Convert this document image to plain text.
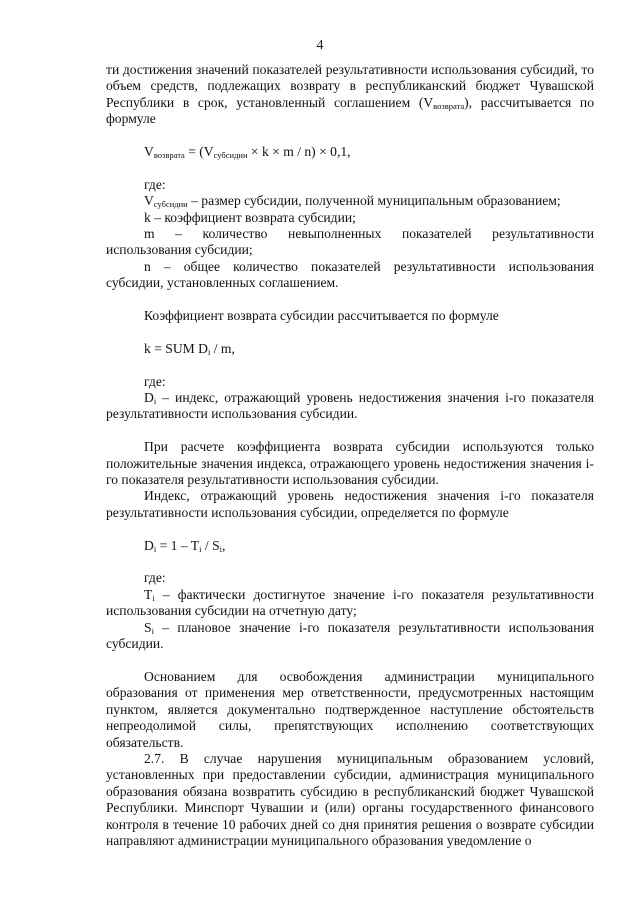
4

ти достижения значений показателей результативности использования субсидий, то объем средств, подлежащих возврату в республиканский бюджет Чувашской Республики в срок, установленный соглашением $(V_{возврата})$, рассчитывается по формуле

$V_{возврата} = (V_{субсидии} \times k \times m / n) \times 0,1$,

где:

$V_{субсидии}$ – размер субсидии, полученной муниципальным образованием;

k – коэффициент возврата субсидии;

m – количество невыполненных показателей результативности использования субсидии;

n – общее количество показателей результативности использования субсидии, установленных соглашением.

Коэффициент возврата субсидии рассчитывается по формуле

k = SUM $D_i$ / m,

где:

$D_i$ – индекс, отражающий уровень недостижения значения i-го показателя результативности использования субсидии.

При расчете коэффициента возврата субсидии используются только положительные значения индекса, отражающего уровень недостижения значения i-го показателя результативности использования субсидии.

Индекс, отражающий уровень недостижения значения i-го показателя результативности использования субсидии, определяется по формуле

$D_i = 1 - T_i / S_i$,

где:

$T_i$ – фактически достигнутое значение i-го показателя результативности использования субсидии на отчетную дату;

$S_i$ – плановое значение i-го показателя результативности использования субсидии.

Основанием для освобождения администрации муниципального образования от применения мер ответственности, предусмотренных настоящим пунктом, является документально подтвержденное наступление обстоятельств непреодолимой силы, препятствующих исполнению соответствующих обязательств.

2.7. В случае нарушения муниципальным образованием условий, установленных при предоставлении субсидии, администрация муниципального образования обязана возвратить субсидию в республиканский бюджет Чувашской Республики. Минспорт Чувашии и (или) органы государственного финансового контроля в течение 10 рабочих дней со дня принятия решения о возврате субсидии направляют администрации муниципального образования уведомление о
